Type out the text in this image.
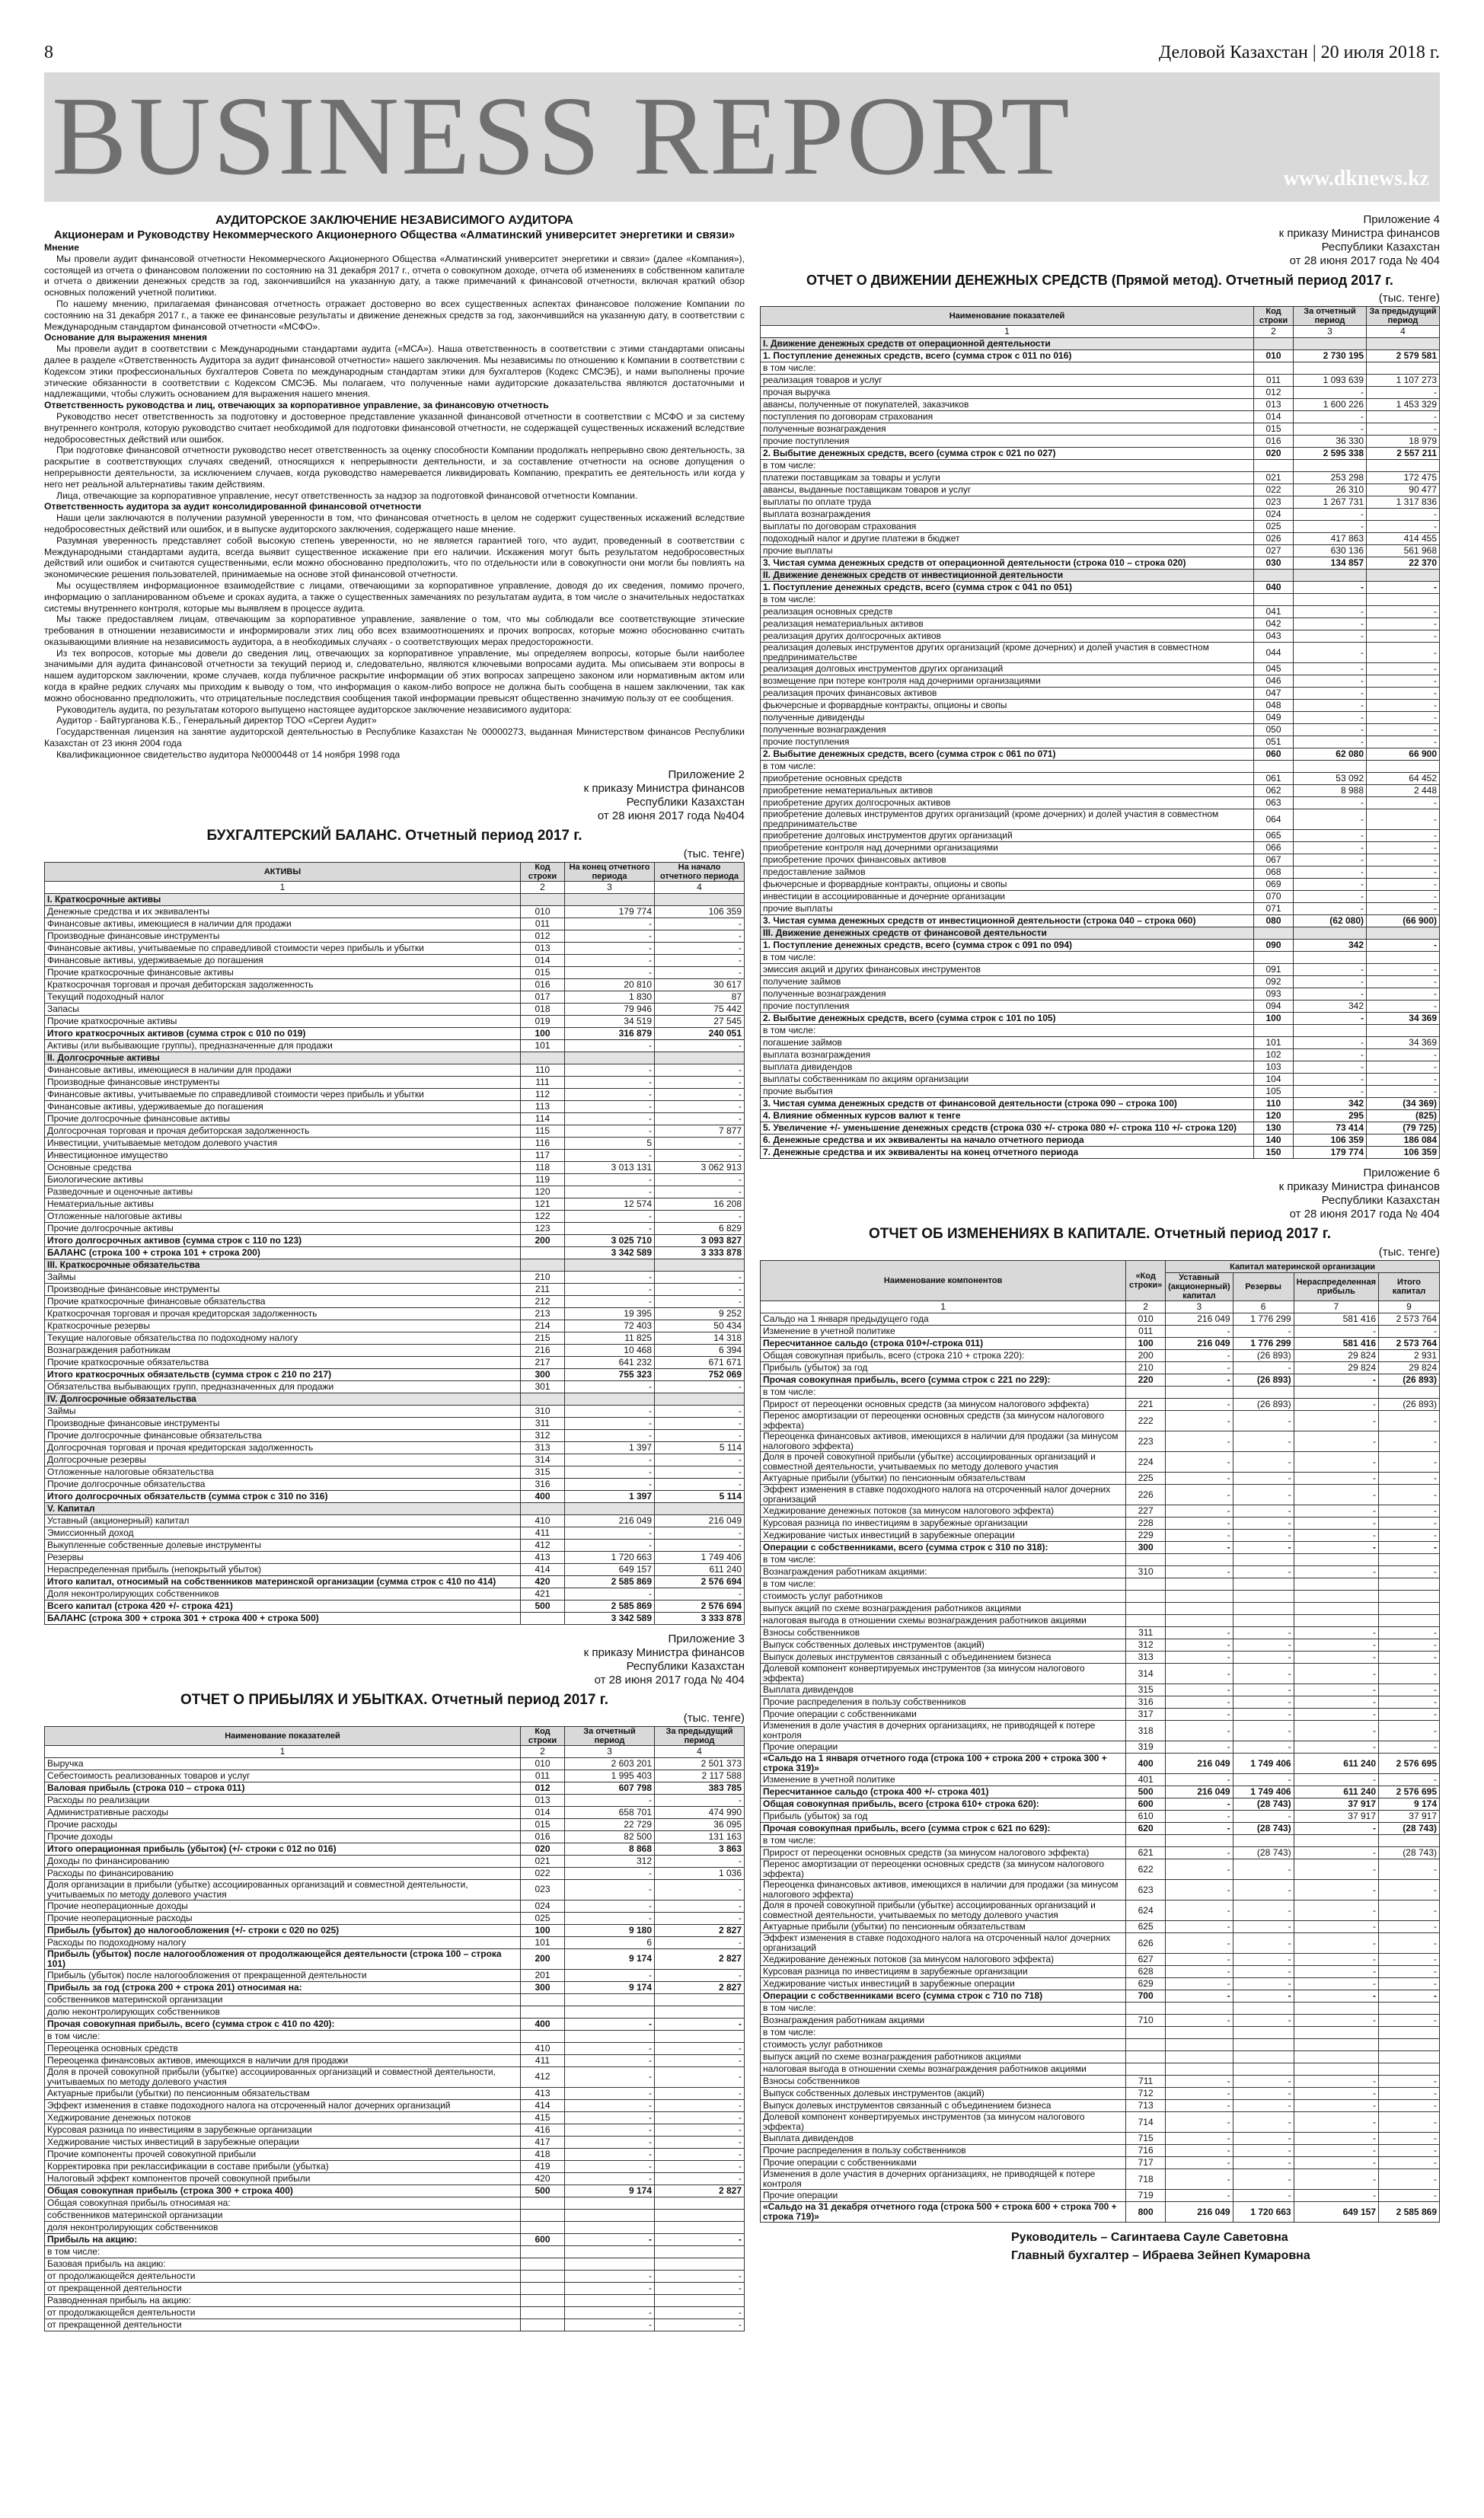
8	Деловой Казахстан | 20 июля 2018 г.
BUSINESS REPORT	www.dknews.kz
АУДИТОРСКОЕ ЗАКЛЮЧЕНИЕ НЕЗАВИСИМОГО АУДИТОРА
Акционерам и Руководству Некоммерческого Акционерного Общества «Алматинский университет энергетики и связи»
Мнение

Мы провели аудит финансовой отчетности Некоммерческого Акционерного Общества «Алматинский университет энергетики и связи» (далее «Компания»), состоящей из отчета о финансовом положении по состоянию на 31 декабря 2017 г., отчета о совокупном доходе, отчета об изменениях в собственном капитале и отчета о движении денежных средств за год, закончившийся на указанную дату, а также примечаний к финансовой отчетности, включая краткий обзор основных положений учетной политики.

По нашему мнению, прилагаемая финансовая отчетность отражает достоверно во всех существенных аспектах финансовое положение Компании по состоянию на 31 декабря 2017 г., а также ее финансовые результаты и движение денежных средств за год, закончившийся на указанную дату, в соответствии с Международным стандартом финансовой отчетности «МСФО».

Основание для выражения мнения

Мы провели аудит в соответствии с Международными стандартами аудита («МСА»). Наша ответственность в соответствии с этими стандартами описаны далее в разделе «Ответственность Аудитора за аудит финансовой отчетности» нашего заключения. Мы независимы по отношению к Компании в соответствии с Кодексом этики профессиональных бухгалтеров Совета по международным стандартам этики для бухгалтеров (Кодекс СМСЭБ), и нами выполнены прочие этические обязанности в соответствии с Кодексом СМСЭБ. Мы полагаем, что полученные нами аудиторские доказательства являются достаточными и надлежащими, чтобы служить основанием для выражения нашего мнения.

Ответственность руководства и лиц, отвечающих за корпоративное управление, за финансовую отчетность

Руководство несет ответственность за подготовку и достоверное представление указанной финансовой отчетности в соответствии с МСФО и за систему внутреннего контроля, которую руководство считает необходимой для подготовки финансовой отчетности, не содержащей существенных искажений вследствие недобросовестных действий или ошибок.

При подготовке финансовой отчетности руководство несет ответственность за оценку способности Компании продолжать непрерывно свою деятельность, за раскрытие в соответствующих случаях сведений, относящихся к непрерывности деятельности, и за составление отчетности на основе допущения о непрерывности деятельности, за исключением случаев, когда руководство намеревается ликвидировать Компанию, прекратить ее деятельность или когда у него нет реальной альтернативы таким действиям.

Лица, отвечающие за корпоративное управление, несут ответственность за надзор за подготовкой финансовой отчетности Компании.

Ответственность аудитора за аудит консолидированной финансовой отчетности

Наши цели заключаются в получении разумной уверенности в том, что финансовая отчетность в целом не содержит существенных искажений вследствие недобросовестных действий или ошибок, и в выпуске аудиторского заключения, содержащего наше мнение.

Разумная уверенность представляет собой высокую степень уверенности, но не является гарантией того, что аудит, проведенный в соответствии с Международными стандартами аудита, всегда выявит существенное искажение при его наличии. Искажения могут быть результатом недобросовестных действий или ошибок и считаются существенными, если можно обоснованно предположить, что по отдельности или в совокупности они могли бы повлиять на экономические решения пользователей, принимаемые на основе этой финансовой отчетности.

Мы осуществляем информационное взаимодействие с лицами, отвечающими за корпоративное управление, доводя до их сведения, помимо прочего, информацию о запланированном объеме и сроках аудита, а также о существенных замечаниях по результатам аудита, в том числе о значительных недостатках системы внутреннего контроля, которые мы выявляем в процессе аудита.

Мы также предоставляем лицам, отвечающим за корпоративное управление, заявление о том, что мы соблюдали все соответствующие этические требования в отношении независимости и информировали этих лиц обо всех взаимоотношениях и прочих вопросах, которые можно обоснованно считать оказывающими влияние на независимость аудитора, а в необходимых случаях - о соответствующих мерах предосторожности.

Из тех вопросов, которые мы довели до сведения лиц, отвечающих за корпоративное управление, мы определяем вопросы, которые были наиболее значимыми для аудита финансовой отчетности за текущий период и, следовательно, являются ключевыми вопросами аудита. Мы описываем эти вопросы в нашем аудиторском заключении, кроме случаев, когда публичное раскрытие информации об этих вопросах запрещено законом или нормативным актом или когда в крайне редких случаях мы приходим к выводу о том, что информация о каком-либо вопросе не должна быть сообщена в нашем заключении, так как можно обоснованно предположить, что отрицательные последствия сообщения такой информации превысят общественно значимую пользу от ее сообщения.

Руководитель аудита, по результатам которого выпущено настоящее аудиторское заключение независимого аудитора:

Аудитор - Байтурганова К.Б., Генеральный директор ТОО «Сергеи Аудит»

Государственная лицензия на занятие аудиторской деятельностью в Республике Казахстан № 0000027З, выданная Министерством финансов Республики Казахстан от 23 июня 2004 года

Квалификационное свидетельство аудитора №0000448 от 14 ноября 1998 года

Приложение 2
к приказу Министра финансов
Республики Казахстан
от 28 июня 2017 года №404
БУХГАЛТЕРСКИЙ БАЛАНС. Отчетный период 2017 г.
(тыс. тенге)
АКТИВЫ	Код строки	На конец отчетного периода	На начало отчетного периода
1	2	3	4
I. Краткосрочные активы			
Денежные средства и их эквиваленты	010	179 774	106 359
Финансовые активы, имеющиеся в наличии для продажи	011	-	-
Производные финансовые инструменты	012	-	-
Финансовые активы, учитываемые по справедливой стоимости через прибыль и убытки	013	-	-
Финансовые активы, удерживаемые до погашения	014	-	-
Прочие краткосрочные финансовые активы	015	-	-
Краткосрочная торговая и прочая дебиторская задолженность	016	20 810	30 617
Текущий подоходный налог	017	1 830	87
Запасы	018	79 946	75 442
Прочие краткосрочные активы	019	34 519	27 545
Итого краткосрочных активов (сумма строк с 010 по 019)	100	316 879	240 051
Активы (или выбывающие группы), предназначенные для продажи	101	-	-
II. Долгосрочные активы			
Финансовые активы, имеющиеся в наличии для продажи	110	-	-
Производные финансовые инструменты	111	-	-
Финансовые активы, учитываемые по справедливой стоимости через прибыль и убытки	112	-	-
Финансовые активы, удерживаемые до погашения	113	-	-
Прочие долгосрочные финансовые активы	114	-	-
Долгосрочная торговая и прочая дебиторская задолженность	115	-	7 877
Инвестиции, учитываемые методом долевого участия	116	5	-
Инвестиционное имущество	117	-	-
Основные средства	118	3 013 131	3 062 913
Биологические активы	119	-	-
Разведочные и оценочные активы	120	-	-
Нематериальные активы	121	12 574	16 208
Отложенные налоговые активы	122	-	-
Прочие долгосрочные активы	123	-	6 829
Итого долгосрочных активов (сумма строк с 110 по 123)	200	3 025 710	3 093 827
БАЛАНС (строка 100 + строка 101 + строка 200)		3 342 589	3 333 878
III. Краткосрочные обязательства			
Займы	210	-	-
Производные финансовые инструменты	211	-	-
Прочие краткосрочные финансовые обязательства	212	-	-
Краткосрочная торговая и прочая кредиторская задолженность	213	19 395	9 252
Краткосрочные резервы	214	72 403	50 434
Текущие налоговые обязательства по подоходному налогу	215	11 825	14 318
Вознаграждения работникам	216	10 468	6 394
Прочие краткосрочные обязательства	217	641 232	671 671
Итого краткосрочных обязательств (сумма строк с 210 по 217)	300	755 323	752 069
Обязательства выбывающих групп, предназначенных для продажи	301	-	-
IV. Долгосрочные обязательства			
Займы	310	-	-
Производные финансовые инструменты	311	-	-
Прочие долгосрочные финансовые обязательства	312	-	-
Долгосрочная торговая и прочая кредиторская задолженность	313	1 397	5 114
Долгосрочные резервы	314	-	-
Отложенные налоговые обязательства	315	-	-
Прочие долгосрочные обязательства	316	-	-
Итого долгосрочных обязательств (сумма строк с 310 по 316)	400	1 397	5 114
V. Капитал			
Уставный (акционерный) капитал	410	216 049	216 049
Эмиссионный доход	411	-	-
Выкупленные собственные долевые инструменты	412	-	-
Резервы	413	1 720 663	1 749 406
Нераспределенная прибыль (непокрытый убыток)	414	649 157	611 240
Итого капитал, относимый на собственников материнской организации (сумма строк с 410 по 414)	420	2 585 869	2 576 694
Доля неконтролирующих собственников	421	-	-
Всего капитал (строка 420 +/- строка 421)	500	2 585 869	2 576 694
БАЛАНС (строка 300 + строка 301 + строка 400 + строка 500)		3 342 589	3 333 878
Приложение 3
к приказу Министра финансов
Республики Казахстан
от 28 июня 2017 года № 404
ОТЧЕТ О ПРИБЫЛЯХ И УБЫТКАХ. Отчетный период 2017 г.
(тыс. тенге)
Наименование показателей	Код строки	За отчетный период	За предыдущий период
1	2	3	4
Выручка	010	2 603 201	2 501 373
Себестоимость реализованных товаров и услуг	011	1 995 403	2 117 588
Валовая прибыль (строка 010 – строка 011)	012	607 798	383 785
Расходы по реализации	013	-	-
Административные расходы	014	658 701	474 990
Прочие расходы	015	22 729	36 095
Прочие доходы	016	82 500	131 163
Итого операционная прибыль (убыток) (+/- строки с 012 по 016)	020	8 868	3 863
Доходы по финансированию	021	312	-
Расходы по финансированию	022	-	1 036
Доля организации в прибыли (убытке) ассоциированных организаций и совместной деятельности, учитываемых по методу долевого участия	023	-	-
Прочие неоперационные доходы	024	-	-
Прочие неоперационные расходы	025	-	-
Прибыль (убыток) до налогообложения (+/- строки с 020 по 025)	100	9 180	2 827
Расходы по подоходному налогу	101	6	-
Прибыль (убыток) после налогообложения от продолжающейся деятельности (строка 100 – строка 101)	200	9 174	2 827
Прибыль (убыток) после налогообложения от прекращенной деятельности	201	-	-
Прибыль за год (строка 200 + строка 201) относимая на:	300	9 174	2 827
собственников материнской организации			
долю неконтролирующих собственников			
Прочая совокупная прибыль, всего (сумма строк с 410 по 420):	400	-	-
в том числе:			
Переоценка основных средств	410	-	-
Переоценка финансовых активов, имеющихся в наличии для продажи	411	-	-
Доля в прочей совокупной прибыли (убытке) ассоциированных организаций и совместной деятельности, учитываемых по методу долевого участия	412	-	-
Актуарные прибыли (убытки) по пенсионным обязательствам	413	-	-
Эффект изменения в ставке подоходного налога на отсроченный налог дочерних организаций	414	-	-
Хеджирование денежных потоков	415	-	-
Курсовая разница по инвестициям в зарубежные организации	416	-	-
Хеджирование чистых инвестиций в зарубежные операции	417	-	-
Прочие компоненты прочей совокупной прибыли	418	-	-
Корректировка при реклассификации в составе прибыли (убытка)	419	-	-
Налоговый эффект компонентов прочей совокупной прибыли	420	-	-
Общая совокупная прибыль (строка 300 + строка 400)	500	9 174	2 827
Общая совокупная прибыль относимая на:			
собственников материнской организации			
доля неконтролирующих собственников			
Прибыль на акцию:	600	-	-
в том числе:			
Базовая прибыль на акцию:			
от продолжающейся деятельности		-	-
от прекращенной деятельности		-	-
Разводненная прибыль на акцию:			
от продолжающейся деятельности		-	-
от прекращенной деятельности		-	-
Приложение 4
к приказу Министра финансов
Республики Казахстан
от 28 июня 2017 года № 404
ОТЧЕТ О ДВИЖЕНИИ ДЕНЕЖНЫХ СРЕДСТВ (Прямой метод). Отчетный период 2017 г.
(тыс. тенге)
Наименование показателей	Код строки	За отчетный период	За предыдущий период
1	2	3	4
I. Движение денежных средств от операционной деятельности			
1. Поступление денежных средств, всего (сумма строк с 011 по 016)	010	2 730 195	2 579 581
в том числе:			
реализация товаров и услуг	011	1 093 639	1 107 273
прочая выручка	012	-	-
авансы, полученные от покупателей, заказчиков	013	1 600 226	1 453 329
поступления по договорам страхования	014	-	-
полученные вознаграждения	015	-	-
прочие поступления	016	36 330	18 979
2. Выбытие денежных средств, всего (сумма строк с 021 по 027)	020	2 595 338	2 557 211
в том числе:			
платежи поставщикам за товары и услуги	021	253 298	172 475
авансы, выданные поставщикам товаров и услуг	022	26 310	90 477
выплаты по оплате труда	023	1 267 731	1 317 836
выплата вознаграждения	024	-	-
выплаты по договорам страхования	025	-	-
подоходный налог и другие платежи в бюджет	026	417 863	414 455
прочие выплаты	027	630 136	561 968
3. Чистая сумма денежных средств от операционной деятельности (строка 010 – строка 020)	030	134 857	22 370
II. Движение денежных средств от инвестиционной деятельности			
1. Поступление денежных средств, всего (сумма строк с 041 по 051)	040	-	-
в том числе:			
реализация основных средств	041	-	-
реализация нематериальных активов	042	-	-
реализация других долгосрочных активов	043	-	-
реализация долевых инструментов других организаций (кроме дочерних) и долей участия в совместном предпринимательстве	044	-	-
реализация долговых инструментов других организаций	045	-	-
возмещение при потере контроля над дочерними организациями	046	-	-
реализация прочих финансовых активов	047	-	-
фьючерсные и форвардные контракты, опционы и свопы	048	-	-
полученные дивиденды	049	-	-
полученные вознаграждения	050	-	-
прочие поступления	051	-	-
2. Выбытие денежных средств, всего (сумма строк с 061 по 071)	060	62 080	66 900
в том числе:			
приобретение основных средств	061	53 092	64 452
приобретение нематериальных активов	062	8 988	2 448
приобретение других долгосрочных активов	063	-	-
приобретение долевых инструментов других организаций (кроме дочерних) и долей участия в совместном предпринимательстве	064	-	-
приобретение долговых инструментов других организаций	065	-	-
приобретение контроля над дочерними организациями	066	-	-
приобретение прочих финансовых активов	067	-	-
предоставление займов	068	-	-
фьючерсные и форвардные контракты, опционы и свопы	069	-	-
инвестиции в ассоциированные и дочерние организации	070	-	-
прочие выплаты	071	-	-
3. Чистая сумма денежных средств от инвестиционной деятельности (строка 040 – строка 060)	080	(62 080)	(66 900)
III. Движение денежных средств от финансовой деятельности			
1. Поступление денежных средств, всего (сумма строк с 091 по 094)	090	342	-
в том числе:			
эмиссия акций и других финансовых инструментов	091	-	-
получение займов	092	-	-
полученные вознаграждения	093	-	-
прочие поступления	094	342	-
2. Выбытие денежных средств, всего (сумма строк с 101 по 105)	100	-	34 369
в том числе:			
погашение займов	101	-	34 369
выплата вознаграждения	102	-	-
выплата дивидендов	103	-	-
выплаты собственникам по акциям организации	104	-	-
прочие выбытия	105	-	-
3. Чистая сумма денежных средств от финансовой деятельности (строка 090 – строка 100)	110	342	(34 369)
4. Влияние обменных курсов валют к тенге	120	295	(825)
5. Увеличение +/- уменьшение денежных средств (строка 030 +/- строка 080 +/- строка 110 +/- строка 120)	130	73 414	(79 725)
6. Денежные средства и их эквиваленты на начало отчетного периода	140	106 359	186 084
7. Денежные средства и их эквиваленты на конец отчетного периода	150	179 774	106 359
Приложение 6
к приказу Министра финансов
Республики Казахстан
от 28 июня 2017 года № 404
ОТЧЕТ ОБ ИЗМЕНЕНИЯХ В КАПИТАЛЕ. Отчетный период 2017 г.
(тыс. тенге)
Наименование компонентов	«Код строки»	Капитал материнской организации			
		Уставный (акционерный) капитал	Резервы	Нераспределенная прибыль	Итого капитал
1	2	3	6	7	9
Сальдо на 1 января предыдущего года	010	216 049	1 776 299	581 416	2 573 764
Изменение в учетной политике	011	-	-	-	-
Пересчитанное сальдо (строка 010+/-строка 011)	100	216 049	1 776 299	581 416	2 573 764
Общая совокупная прибыль, всего (строка 210 + строка 220):	200	-	(26 893)	29 824	2 931
Прибыль (убыток) за год	210	-	-	29 824	29 824
Прочая совокупная прибыль, всего (сумма строк с 221 по 229):	220	-	(26 893)	-	(26 893)
в том числе:					
Прирост от переоценки основных средств (за минусом налогового эффекта)	221	-	(26 893)	-	(26 893)
Перенос амортизации от переоценки основных средств (за минусом налогового эффекта)	222	-	-	-	-
Переоценка финансовых активов, имеющихся в наличии для продажи (за минусом налогового эффекта)	223	-	-	-	-
Доля в прочей совокупной прибыли (убытке) ассоциированных организаций и совместной деятельности, учитываемых по методу долевого участия	224	-	-	-	-
Актуарные прибыли (убытки) по пенсионным обязательствам	225	-	-	-	-
Эффект изменения в ставке подоходного налога на отсроченный налог дочерних организаций	226	-	-	-	-
Хеджирование денежных потоков (за минусом налогового эффекта)	227	-	-	-	-
Курсовая разница по инвестициям в зарубежные организации	228	-	-	-	-
Хеджирование чистых инвестиций в зарубежные операции	229	-	-	-	-
Операции с собственниками, всего (сумма строк с 310 по 318):	300	-	-	-	-
в том числе:					
Вознаграждения работникам акциями:	310	-	-	-	-
в том числе:					
стоимость услуг работников					
выпуск акций по схеме вознаграждения работников акциями					
налоговая выгода в отношении схемы вознаграждения работников акциями					
Взносы собственников	311	-	-	-	-
Выпуск собственных долевых инструментов (акций)	312	-	-	-	-
Выпуск долевых инструментов связанный с объединением бизнеса	313	-	-	-	-
Долевой компонент конвертируемых инструментов (за минусом налогового эффекта)	314	-	-	-	-
Выплата дивидендов	315	-	-	-	-
Прочие распределения в пользу собственников	316	-	-	-	-
Прочие операции с собственниками	317	-	-	-	-
Изменения в доле участия в дочерних организациях, не приводящей к потере контроля	318	-	-	-	-
Прочие операции	319	-	-	-	-
«Сальдо на 1 января отчетного года (строка 100 + строка 200 + строка 300 + строка 319)»	400	216 049	1 749 406	611 240	2 576 695
Изменение в учетной политике	401	-	-	-	-
Пересчитанное сальдо (строка 400 +/- строка 401)	500	216 049	1 749 406	611 240	2 576 695
Общая совокупная прибыль, всего (строка 610+ строка 620):	600	-	(28 743)	37 917	9 174
Прибыль (убыток) за год	610	-	-	37 917	37 917
Прочая совокупная прибыль, всего (сумма строк с 621 по 629):	620	-	(28 743)	-	(28 743)
в том числе:					
Прирост от переоценки основных средств (за минусом налогового эффекта)	621	-	(28 743)	-	(28 743)
Перенос амортизации от переоценки основных средств (за минусом налогового эффекта)	622	-	-	-	-
Переоценка финансовых активов, имеющихся в наличии для продажи (за минусом налогового эффекта)	623	-	-	-	-
Доля в прочей совокупной прибыли (убытке) ассоциированных организаций и совместной деятельности, учитываемых по методу долевого участия	624	-	-	-	-
Актуарные прибыли (убытки) по пенсионным обязательствам	625	-	-	-	-
Эффект изменения в ставке подоходного налога на отсроченный налог дочерних организаций	626	-	-	-	-
Хеджирование денежных потоков (за минусом налогового эффекта)	627	-	-	-	-
Курсовая разница по инвестициям в зарубежные организации	628	-	-	-	-
Хеджирование чистых инвестиций в зарубежные операции	629	-	-	-	-
Операции с собственниками всего (сумма строк с 710 по 718)	700	-	-	-	-
в том числе:					
Вознаграждения работникам акциями	710	-	-	-	-
в том числе:					
стоимость услуг работников					
выпуск акций по схеме вознаграждения работников акциями					
налоговая выгода в отношении схемы вознаграждения работников акциями					
Взносы собственников	711	-	-	-	-
Выпуск собственных долевых инструментов (акций)	712	-	-	-	-
Выпуск долевых инструментов связанный с объединением бизнеса	713	-	-	-	-
Долевой компонент конвертируемых инструментов (за минусом налогового эффекта)	714	-	-	-	-
Выплата дивидендов	715	-	-	-	-
Прочие распределения в пользу собственников	716	-	-	-	-
Прочие операции с собственниками	717	-	-	-	-
Изменения в доле участия в дочерних организациях, не приводящей к потере контроля	718	-	-	-	-
Прочие операции	719	-	-	-	-
«Сальдо на 31 декабря отчетного года (строка 500 + строка 600 + строка 700 + строка 719)»	800	216 049	1 720 663	649 157	2 585 869
Руководитель – Сагинтаева Сауле Саветовна
Главный бухгалтер – Ибраева Зейнеп Кумаровна
